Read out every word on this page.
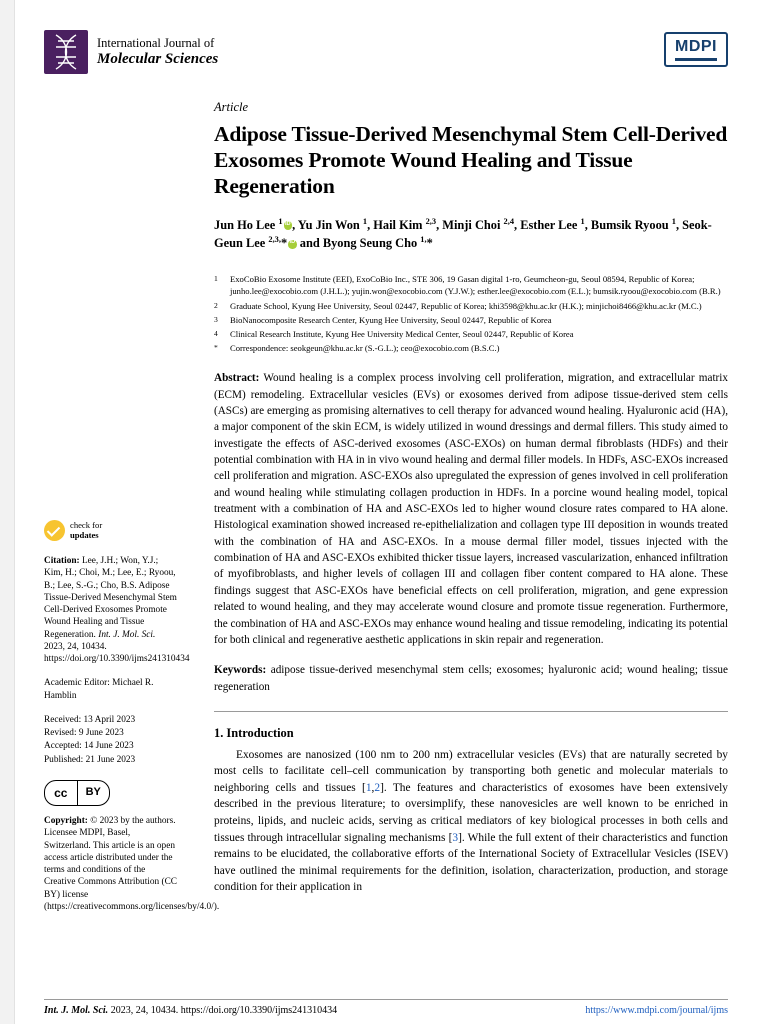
International Journal of
Molecular Sciences
MDPI
check for
updates
Citation: Lee, J.H.; Won, Y.J.; Kim, H.; Choi, M.; Lee, E.; Ryoou, B.; Lee, S.-G.; Cho, B.S. Adipose Tissue-Derived Mesenchymal Stem Cell-Derived Exosomes Promote Wound Healing and Tissue Regeneration. Int. J. Mol. Sci. 2023, 24, 10434. https://doi.org/10.3390/ijms241310434
Academic Editor: Michael R. Hamblin
Received: 13 April 2023
Revised: 9 June 2023
Accepted: 14 June 2023
Published: 21 June 2023
cc	BY
Copyright: © 2023 by the authors. Licensee MDPI, Basel, Switzerland. This article is an open access article distributed under the terms and conditions of the Creative Commons Attribution (CC BY) license (https://creativecommons.org/licenses/by/4.0/).
Article
Adipose Tissue-Derived Mesenchymal Stem Cell-Derived Exosomes Promote Wound Healing and Tissue Regeneration
Jun Ho Lee $^1$ iD , Yu Jin Won $^1$, Hail Kim $^{2,3}$, Minji Choi $^{2,4}$, Esther Lee $^1$, Bumsik Ryoou $^1$, Seok-Geun Lee $^{2,3,}$*iD and Byong Seung Cho $^{1,}$*
1	ExoCoBio Exosome Institute (EEI), ExoCoBio Inc., STE 306, 19 Gasan digital 1-ro, Geumcheon-gu, Seoul 08594, Republic of Korea; junho.lee@exocobio.com (J.H.L.); yujin.won@exocobio.com (Y.J.W.); esther.lee@exocobio.com (E.L.); bumsik.ryoou@exocobio.com (B.R.)
2	Graduate School, Kyung Hee University, Seoul 02447, Republic of Korea; khi3598@khu.ac.kr (H.K.); minjichoi8466@khu.ac.kr (M.C.)
3	BioNanocomposite Research Center, Kyung Hee University, Seoul 02447, Republic of Korea
4	Clinical Research Institute, Kyung Hee University Medical Center, Seoul 02447, Republic of Korea
*	Correspondence: seokgeun@khu.ac.kr (S.-G.L.); ceo@exocobio.com (B.S.C.)
Abstract: Wound healing is a complex process involving cell proliferation, migration, and extracellular matrix (ECM) remodeling. Extracellular vesicles (EVs) or exosomes derived from adipose tissue-derived stem cells (ASCs) are emerging as promising alternatives to cell therapy for advanced wound healing. Hyaluronic acid (HA), a major component of the skin ECM, is widely utilized in wound dressings and dermal fillers. This study aimed to investigate the effects of ASC-derived exosomes (ASC-EXOs) on human dermal fibroblasts (HDFs) and their potential combination with HA in in vivo wound healing and dermal filler models. In HDFs, ASC-EXOs increased cell proliferation and migration. ASC-EXOs also upregulated the expression of genes involved in cell proliferation and wound healing while stimulating collagen production in HDFs. In a porcine wound healing model, topical treatment with a combination of HA and ASC-EXOs led to higher wound closure rates compared to HA alone. Histological examination showed increased re-epithelialization and collagen type III deposition in wounds treated with the combination of HA and ASC-EXOs. In a mouse dermal filler model, tissues injected with the combination of HA and ASC-EXOs exhibited thicker tissue layers, increased vascularization, enhanced infiltration of myofibroblasts, and higher levels of collagen III and collagen fiber content compared to HA alone. These findings suggest that ASC-EXOs have beneficial effects on cell proliferation, migration, and gene expression related to wound healing, and they may accelerate wound closure and promote tissue regeneration. Furthermore, the combination of HA and ASC-EXOs may enhance wound healing and tissue remodeling, indicating its potential for both clinical and regenerative aesthetic applications in skin repair and regeneration.
Keywords: adipose tissue-derived mesenchymal stem cells; exosomes; hyaluronic acid; wound healing; tissue regeneration
1. Introduction
Exosomes are nanosized (100 nm to 200 nm) extracellular vesicles (EVs) that are naturally secreted by most cells to facilitate cell–cell communication by transporting both genetic and molecular materials to neighboring cells and tissues [1,2]. The features and characteristics of exosomes have been extensively described in the previous literature; to oversimplify, these nanovesicles are well known to be enriched in proteins, lipids, and nucleic acids, serving as critical mediators of key biological processes in both cells and tissues through intracellular signaling mechanisms [3]. While the full extent of their characteristics and function remains to be elucidated, the collaborative efforts of the International Society of Extracellular Vesicles (ISEV) have outlined the minimal requirements for the definition, isolation, characterization, production, and storage condition for their application in
Int. J. Mol. Sci. 2023, 24, 10434. https://doi.org/10.3390/ijms241310434	https://www.mdpi.com/journal/ijms
